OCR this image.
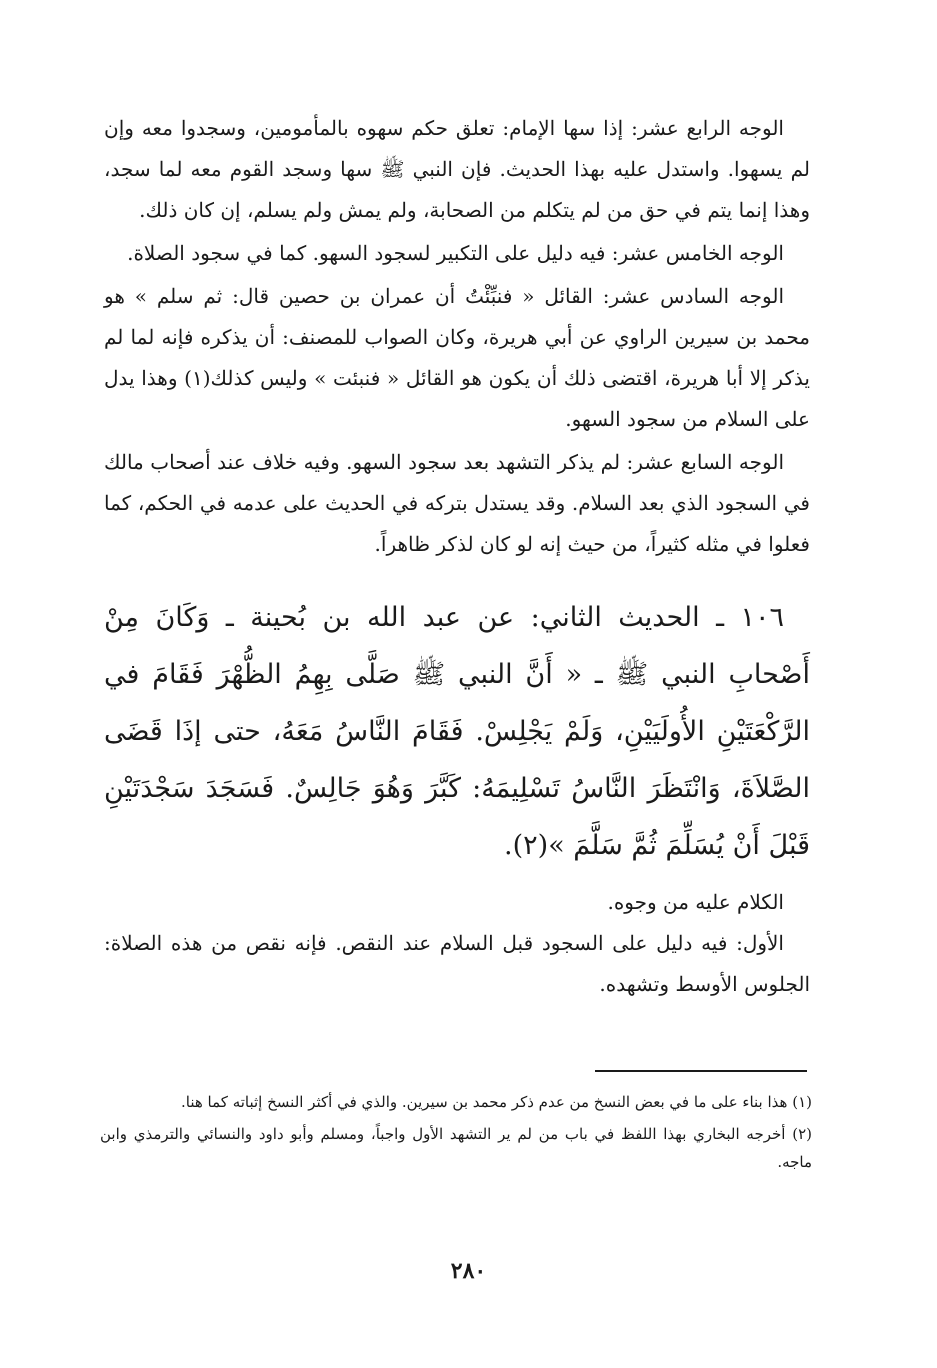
الوجه الرابع عشر: إذا سها الإمام: تعلق حكم سهوه بالمأمومين، وسجدوا معه وإن لم يسهوا. واستدل عليه بهذا الحديث. فإن النبي ﷺ سها وسجد القوم معه لما سجد، وهذا إنما يتم في حق من لم يتكلم من الصحابة، ولم يمش ولم يسلم، إن كان ذلك.

الوجه الخامس عشر: فيه دليل على التكبير لسجود السهو. كما في سجود الصلاة.

الوجه السادس عشر: القائل « فنبِّئْتُ أن عمران بن حصين قال: ثم سلم » هو محمد بن سيرين الراوي عن أبي هريرة، وكان الصواب للمصنف: أن يذكره فإنه لما لم يذكر إلا أبا هريرة، اقتضى ذلك أن يكون هو القائل « فنبئت » وليس كذلك(١) وهذا يدل على السلام من سجود السهو.

الوجه السابع عشر: لم يذكر التشهد بعد سجود السهو. وفيه خلاف عند أصحاب مالك في السجود الذي بعد السلام. وقد يستدل بتركه في الحديث على عدمه في الحكم، كما فعلوا في مثله كثيراً، من حيث إنه لو كان لذكر ظاهراً.

١٠٦ ـ الحديث الثاني: عن عبد الله بن بُحينة ـ وَكَانَ مِنْ أَصْحابِ النبي ﷺ ـ « أَنَّ النبي ﷺ صَلَّى بِهِمُ الظُّهْرَ فَقَامَ في الرَّكْعَتَيْنِ الأُولَيَيْنِ، وَلَمْ يَجْلِسْ. فَقَامَ النَّاسُ مَعَهُ، حتى إذَا قَضَى الصَّلاَةَ، وَانْتَظَرَ النَّاسُ تَسْلِيمَهُ: كَبَّرَ وَهُوَ جَالِسٌ. فَسَجَدَ سَجْدَتَيْنِ قَبْلَ أَنْ يُسَلِّمَ ثُمَّ سَلَّمَ »(٢).

الكلام عليه من وجوه.

الأول: فيه دليل على السجود قبل السلام عند النقص. فإنه نقص من هذه الصلاة: الجلوس الأوسط وتشهده.

(١) هذا بناء على ما في بعض النسخ من عدم ذكر محمد بن سيرين. والذي في أكثر النسخ إثباته كما هنا.

(٢) أخرجه البخاري بهذا اللفظ في باب من لم ير التشهد الأول واجباً، ومسلم وأبو داود والنسائي والترمذي وابن ماجه.

٢٨٠
